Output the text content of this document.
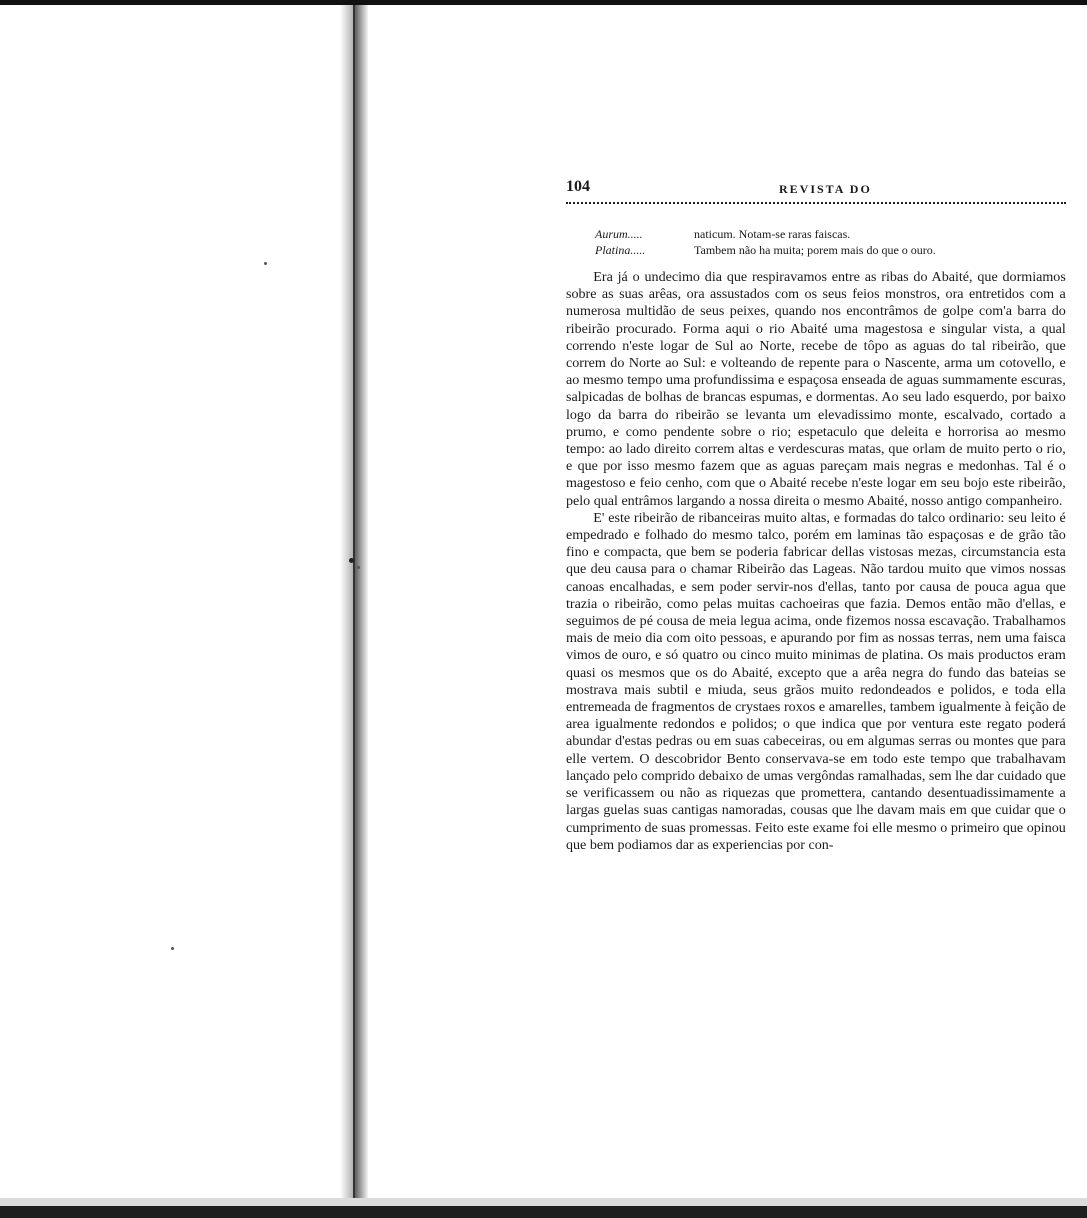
104	REVISTA DO
Aurum.....	naticum. Notam-se raras faiscas.
Platina.....	Tambem não ha muita; porem mais do que o ouro.

Era já o undecimo dia que respiravamos entre as ribas do Abaité, que dormiamos sobre as suas arêas, ora assustados com os seus feios monstros, ora entretidos com a numerosa multidão de seus peixes, quando nos encontrâmos de golpe com'a barra do ribeirão procurado. Forma aqui o rio Abaité uma magestosa e singular vista, a qual correndo n'este logar de Sul ao Norte, recebe de tôpo as aguas do tal ribeirão, que correm do Norte ao Sul: e volteando de repente para o Nascente, arma um cotovello, e ao mesmo tempo uma profundissima e espaçosa enseada de aguas summamente escuras, salpicadas de bolhas de brancas espumas, e dormentas. Ao seu lado esquerdo, por baixo logo da barra do ribeirão se levanta um elevadissimo monte, escalvado, cortado a prumo, e como pendente sobre o rio; espetaculo que deleita e horrorisa ao mesmo tempo: ao lado direito correm altas e verdescuras matas, que orlam de muito perto o rio, e que por isso mesmo fazem que as aguas pareçam mais negras e medonhas. Tal é o magestoso e feio cenho, com que o Abaité recebe n'este logar em seu bojo este ribeirão, pelo qual entrâmos largando a nossa direita o mesmo Abaité, nosso antigo companheiro.

E' este ribeirão de ribanceiras muito altas, e formadas do talco ordinario: seu leito é empedrado e folhado do mesmo talco, porém em laminas tão espaçosas e de grão tão fino e compacta, que bem se poderia fabricar dellas vistosas mezas, circumstancia esta que deu causa para o chamar Ribeirão das Lageas. Não tardou muito que vimos nossas canoas encalhadas, e sem poder servir-nos d'ellas, tanto por causa de pouca agua que trazia o ribeirão, como pelas muitas cachoeiras que fazia. Demos então mão d'ellas, e seguimos de pé cousa de meia legua acima, onde fizemos nossa escavação. Trabalhamos mais de meio dia com oito pessoas, e apurando por fim as nossas terras, nem uma faisca vimos de ouro, e só quatro ou cinco muito minimas de platina. Os mais productos eram quasi os mesmos que os do Abaité, excepto que a arêa negra do fundo das bateias se mostrava mais subtil e miuda, seus grãos muito redondeados e polidos, e toda ella entremeada de fragmentos de crystaes roxos e amarelles, tambem igualmente à feição de area igualmente redondos e polidos; o que indica que por ventura este regato poderá abundar d'estas pedras ou em suas cabeceiras, ou em algumas serras ou montes que para elle vertem. O descobridor Bento conservava-se em todo este tempo que trabalhavam lançado pelo comprido debaixo de umas vergôndas ramalhadas, sem lhe dar cuidado que se verificassem ou não as riquezas que promettera, cantando desentuadissimamente a largas guelas suas cantigas namoradas, cousas que lhe davam mais em que cuidar que o cumprimento de suas promessas. Feito este exame foi elle mesmo o primeiro que opinou que bem podiamos dar as experiencias por con-
